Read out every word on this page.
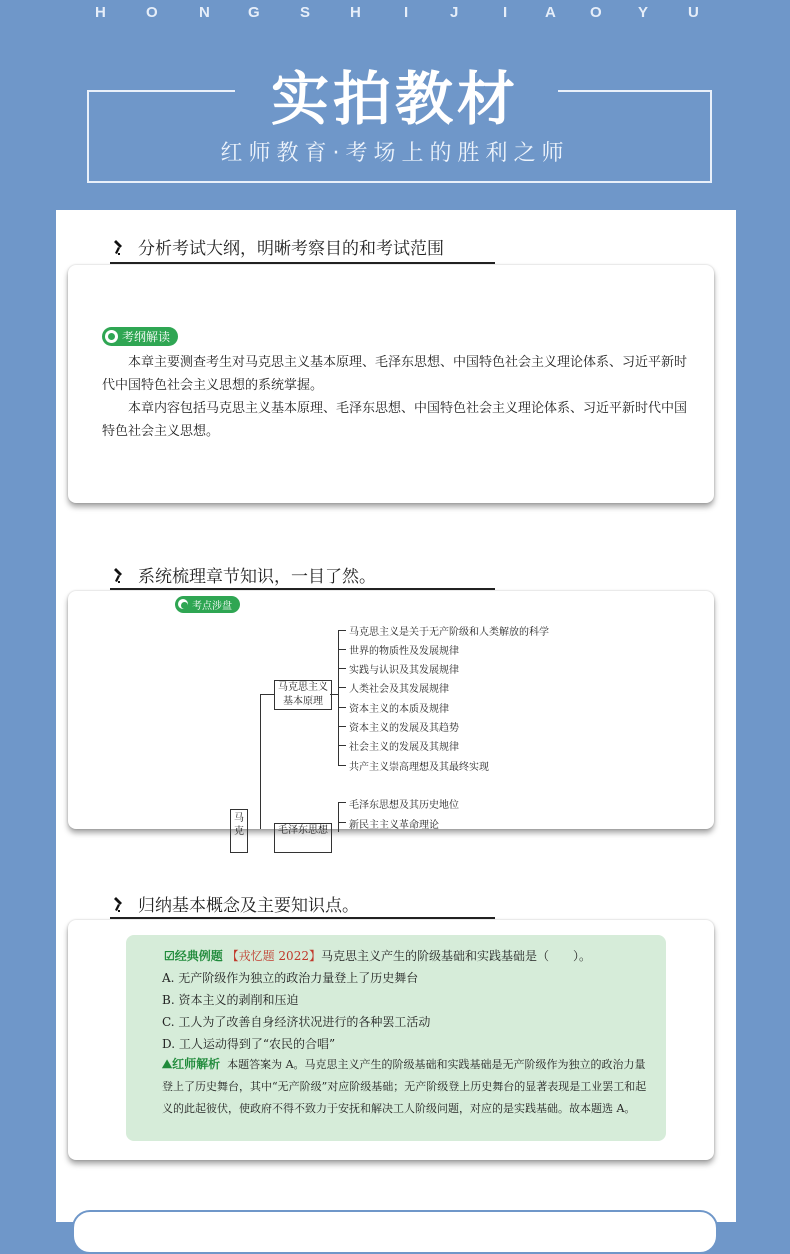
H	O	N	G	S	H	I	J	I	A O Y	U
实拍教材
红师教育·考场上的胜利之师
分析考试大纲，明晰考察目的和考试范围
考纲解读

本章主要测查考生对马克思主义基本原理、毛泽东思想、中国特色社会主义理论体系、习近平新时代中国特色社会主义思想的系统掌握。

本章内容包括马克思主义基本原理、毛泽东思想、中国特色社会主义理论体系、习近平新时代中国特色社会主义思想。

系统梳理章节知识，一目了然。
考点涉盘
马克
马克思主义基本原理
马克思主义是关于无产阶级和人类解放的科学
世界的物质性及发展规律
实践与认识及其发展规律
人类社会及其发展规律
资本主义的本质及规律
资本主义的发展及其趋势
社会主义的发展及其规律
共产主义崇高理想及其最终实现
毛泽东思想
毛泽东思想及其历史地位
新民主主义革命理论
归纳基本概念及主要知识点。
☑经典例题 【戎忆题 2022】马克思主义产生的阶级基础和实践基础是（　　）。
A. 无产阶级作为独立的政治力量登上了历史舞台
B. 资本主义的剥削和压迫
C. 工人为了改善自身经济状况进行的各种罢工活动
D. 工人运动得到了“农民的合唱”
⛰红师解析 本题答案为 A。马克思主义产生的阶级基础和实践基础是无产阶级作为独立的政治力量登上了历史舞台，其中“无产阶级”对应阶级基础；无产阶级登上历史舞台的显著表现是工业罢工和起义的此起彼伏，使政府不得不致力于安抚和解决工人阶级问题，对应的是实践基础。故本题选 A。
